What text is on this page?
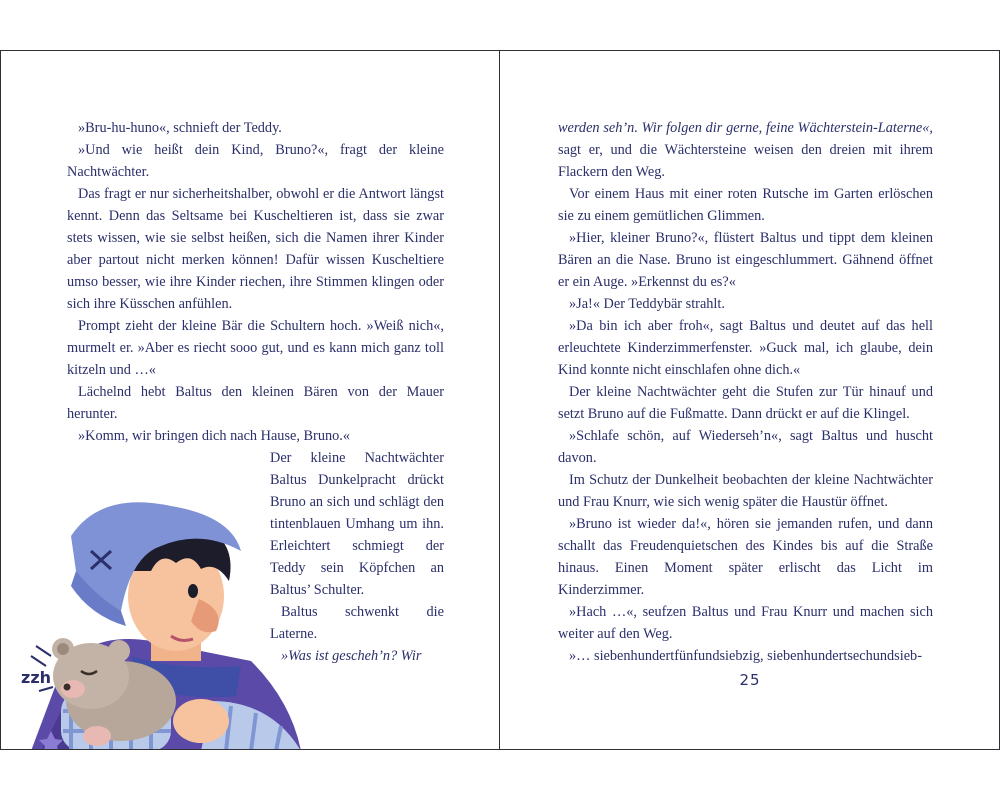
»Bru-hu-huno«, schnieft der Teddy.

»Und wie heißt dein Kind, Bruno?«, fragt der kleine Nachtwächter.

Das fragt er nur sicherheitshalber, obwohl er die Antwort längst kennt. Denn das Seltsame bei Kuscheltieren ist, dass sie zwar stets wissen, wie sie selbst heißen, sich die Namen ihrer Kinder aber partout nicht merken können! Dafür wissen Kuscheltiere umso besser, wie ihre Kinder riechen, ihre Stimmen klingen oder sich ihre Küsschen anfühlen.

Prompt zieht der kleine Bär die Schultern hoch. »Weiß nich«, murmelt er. »Aber es riecht sooo gut, und es kann mich ganz toll kitzeln und …«

Lächelnd hebt Baltus den kleinen Bären von der Mauer herunter.

»Komm, wir bringen dich nach Hause, Bruno.«

Der kleine Nachtwächter Baltus Dunkelpracht drückt Bruno an sich und schlägt den tintenblauen Umhang um ihn. Erleichtert schmiegt der Teddy sein Köpfchen an Baltus’ Schulter.

Baltus schwenkt die Laterne.

»Was ist gescheh’n? Wir

zzh

werden seh’n. Wir folgen dir gerne, feine Wächterstein-Laterne«, sagt er, und die Wächtersteine weisen den dreien mit ihrem Flackern den Weg.

Vor einem Haus mit einer roten Rutsche im Garten erlöschen sie zu einem gemütlichen Glimmen.

»Hier, kleiner Bruno?«, flüstert Baltus und tippt dem kleinen Bären an die Nase. Bruno ist eingeschlummert. Gähnend öffnet er ein Auge. »Erkennst du es?«

»Ja!« Der Teddybär strahlt.

»Da bin ich aber froh«, sagt Baltus und deutet auf das hell erleuchtete Kinderzimmerfenster. »Guck mal, ich glaube, dein Kind konnte nicht einschlafen ohne dich.«

Der kleine Nachtwächter geht die Stufen zur Tür hinauf und setzt Bruno auf die Fußmatte. Dann drückt er auf die Klingel.

»Schlafe schön, auf Wiederseh’n«, sagt Baltus und huscht davon.

Im Schutz der Dunkelheit beobachten der kleine Nachtwächter und Frau Knurr, wie sich wenig später die Haustür öffnet.

»Bruno ist wieder da!«, hören sie jemanden rufen, und dann schallt das Freudenquietschen des Kindes bis auf die Straße hinaus. Einen Moment später erlischt das Licht im Kinderzimmer.

»Hach …«, seufzen Baltus und Frau Knurr und machen sich weiter auf den Weg.

»… siebenhundertfünfundsiebzig, siebenhundertsechundsieb-

25
